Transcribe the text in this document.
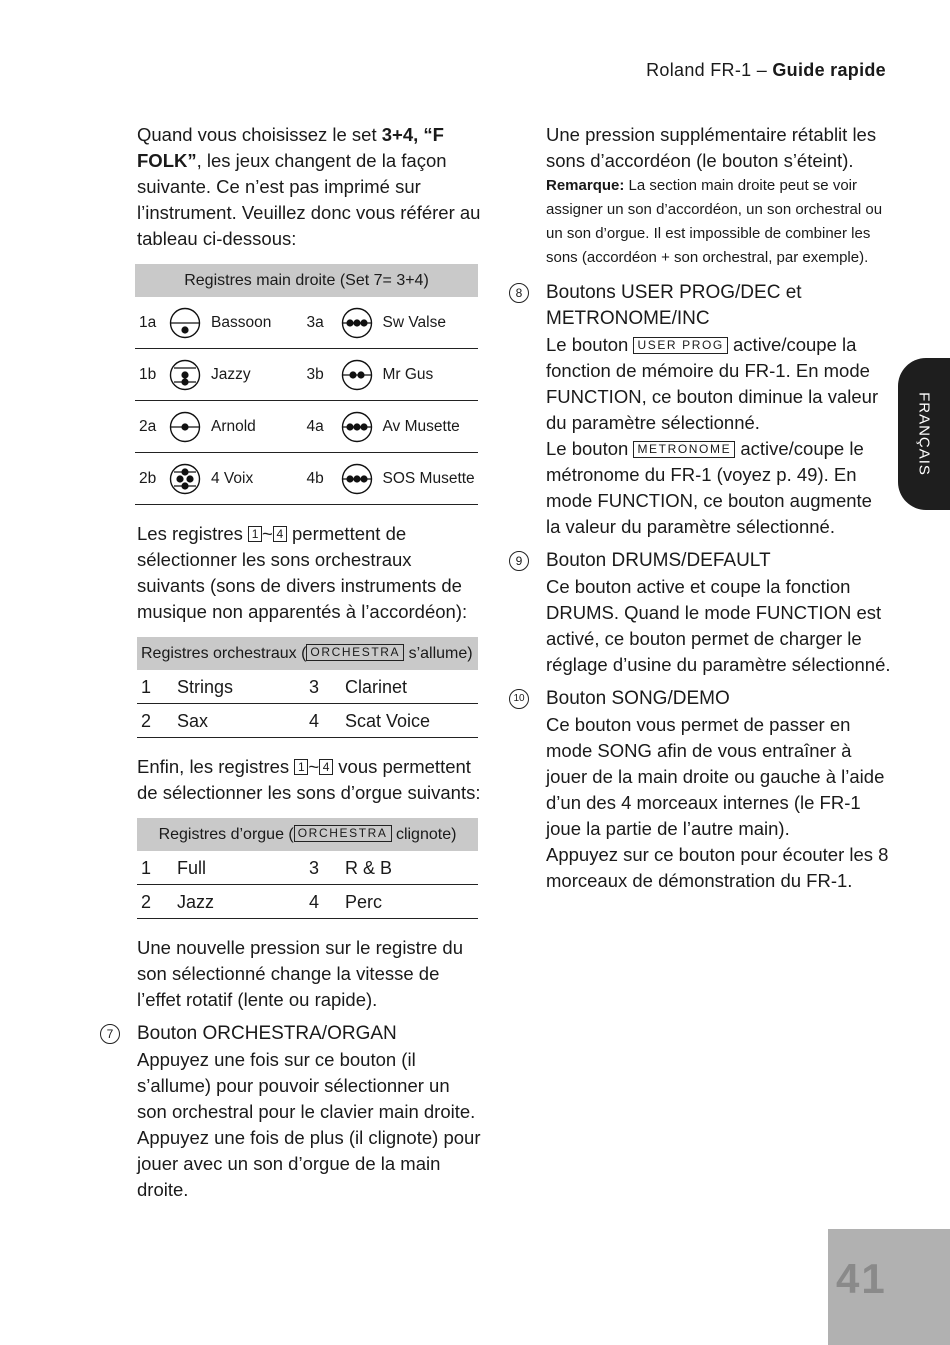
Roland FR-1 – Guide rapide
FRANÇAIS
41

Quand vous choisissez le set 3+4, “F FOLK”, les jeux changent de la façon suivante. Ce n’est pas imprimé sur l’instrument. Veuillez donc vous référer au tableau ci-dessous:

Registres main droite (Set 7= 3+4)
1a	Bassoon 3a	Sw Valse
1b	Jazzy	3b	Mr Gus
2a	Arnold	4a	Av Musette
2b	4 Voix	4b	SOS Musette

Les registres 1 ~ 4 permettent de sélectionner les sons orchestraux suivants (sons de divers instruments de musique non apparentés à l’accordéon):

Registres orchestraux ( ORCHESTRA s’allume)
1	Strings	3	Clarinet
2	Sax	4	Scat Voice

Enfin, les registres 1 ~ 4 vous permettent de sélectionner les sons d’orgue suivants:

Registres d’orgue ( ORCHESTRA clignote)
1	Full	3	R & B
2	Jazz	4	Perc

Une nouvelle pression sur le registre du son sélectionné change la vitesse de l’effet rotatif (lente ou rapide).

7	Bouton ORCHESTRA/ORGAN

Appuyez une fois sur ce bouton (il s’allume) pour pouvoir sélectionner un son orchestral pour le clavier main droite. Appuyez une fois de plus (il clignote) pour jouer avec un son d’orgue de la main droite.

Une pression supplémentaire rétablit les sons d’accordéon (le bouton s’éteint).

Remarque: La section main droite peut se voir assigner un son d’accordéon, un son orchestral ou un son d’orgue. Il est impossible de combiner les sons (accordéon + son orchestral, par exemple).

8	Boutons USER PROG/DEC et METRONOME/INC

Le bouton USER PROG active/coupe la fonction de mémoire du FR-1. En mode FUNCTION, ce bouton diminue la valeur du paramètre sélectionné.

Le bouton METRONOME active/coupe le métronome du FR-1 (voyez p. 49). En mode FUNCTION, ce bouton augmente la valeur du paramètre sélectionné.

9	Bouton DRUMS/DEFAULT

Ce bouton active et coupe la fonction DRUMS. Quand le mode FUNCTION est activé, ce bouton permet de charger le réglage d’usine du paramètre sélectionné.

10 Bouton SONG/DEMO

Ce bouton vous permet de passer en mode SONG afin de vous entraîner à jouer de la main droite ou gauche à l’aide d’un des 4 morceaux internes (le FR-1 joue la partie de l’autre main).

Appuyez sur ce bouton pour écouter les 8 morceaux de démonstration du FR-1.
